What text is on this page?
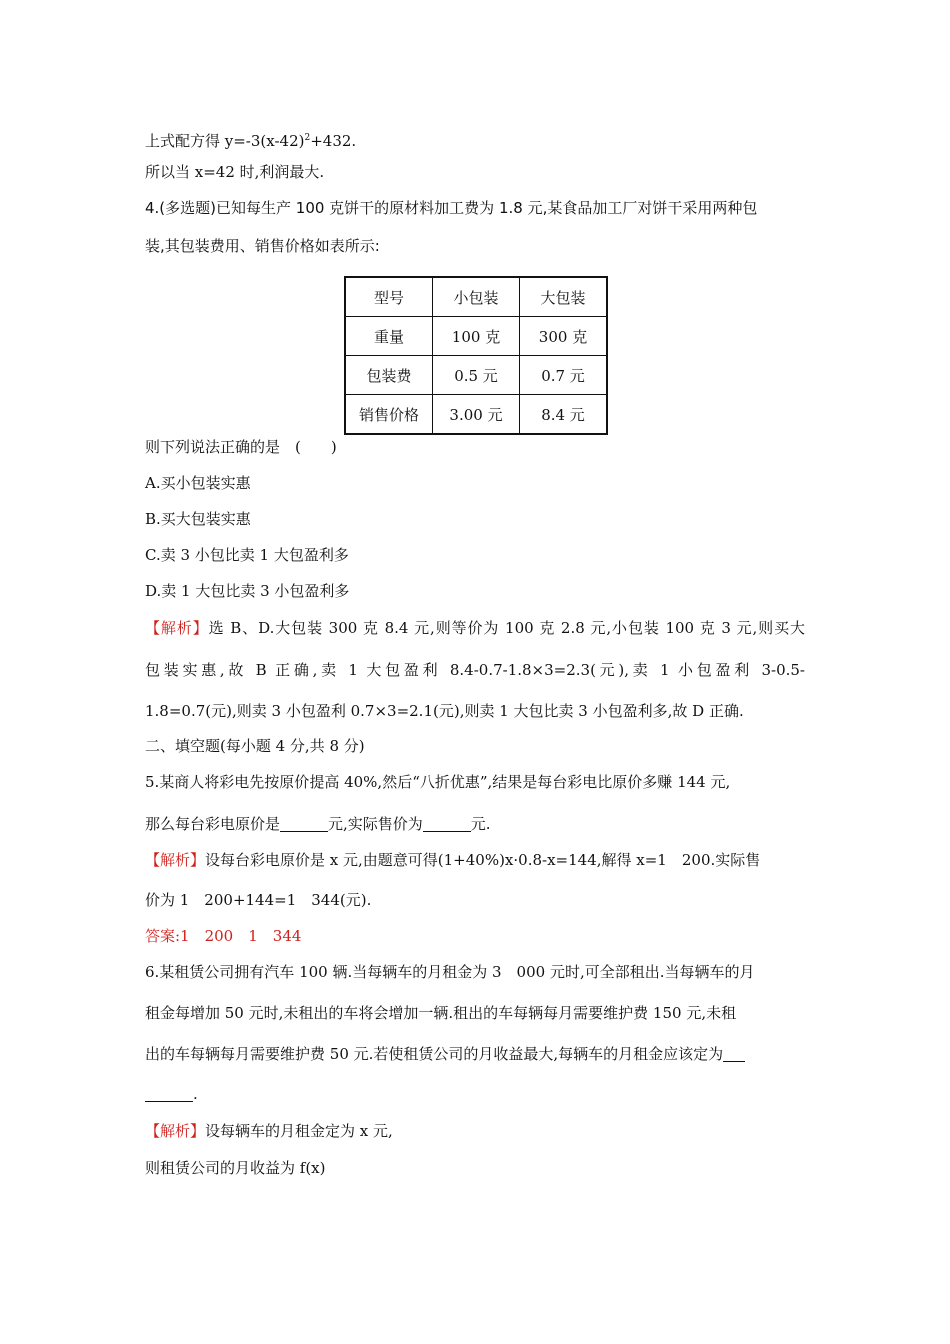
上式配方得 $y=-3(x-42)^2+432$.
所以当 x=42 时,利润最大.
4.(多选题)已知每生产 100 克饼干的原材料加工费为 1.8 元,某食品加工厂对饼干采用两种包
装,其包装费用、销售价格如表所示:
型号	小包装	大包装
重量	100 克	300 克
包装费	0.5 元	0.7 元
销售价格	3.00 元	8.4 元
则下列说法正确的是　(　　)
A.买小包装实惠
B.买大包装实惠
C.卖 3 小包比卖 1 大包盈利多
D.卖 1 大包比卖 3 小包盈利多
【解析】选 B、D.大包装 300 克 8.4 元,则等价为 100 克 2.8 元,小包装 100 克 3 元,则买大
包装实惠,故 B 正确,卖 1 大包盈利 8.4-0.7-1.8×3=2.3(元),卖 1 小包盈利 3-0.5-
1.8=0.7(元),则卖 3 小包盈利 0.7×3=2.1(元),则卖 1 大包比卖 3 小包盈利多,故 D 正确.
二、填空题(每小题 4 分,共 8 分)
5.某商人将彩电先按原价提高 40%,然后“八折优惠”,结果是每台彩电比原价多赚 144 元,
那么每台彩电原价是	元,实际售价为	元.
【解析】设每台彩电原价是 x 元,由题意可得(1+40%)x·0.8-x=144,解得 x=1　200.实际售
价为 1　200+144=1　344(元).
答案:1　200　1　344
6.某租赁公司拥有汽车 100 辆.当每辆车的月租金为 3　000 元时,可全部租出.当每辆车的月
租金每增加 50 元时,未租出的车将会增加一辆.租出的车每辆每月需要维护费 150 元,未租
出的车每辆每月需要维护费 50 元.若使租赁公司的月收益最大,每辆车的月租金应该定为
.
【解析】设每辆车的月租金定为 x 元,
则租赁公司的月收益为 f(x)
